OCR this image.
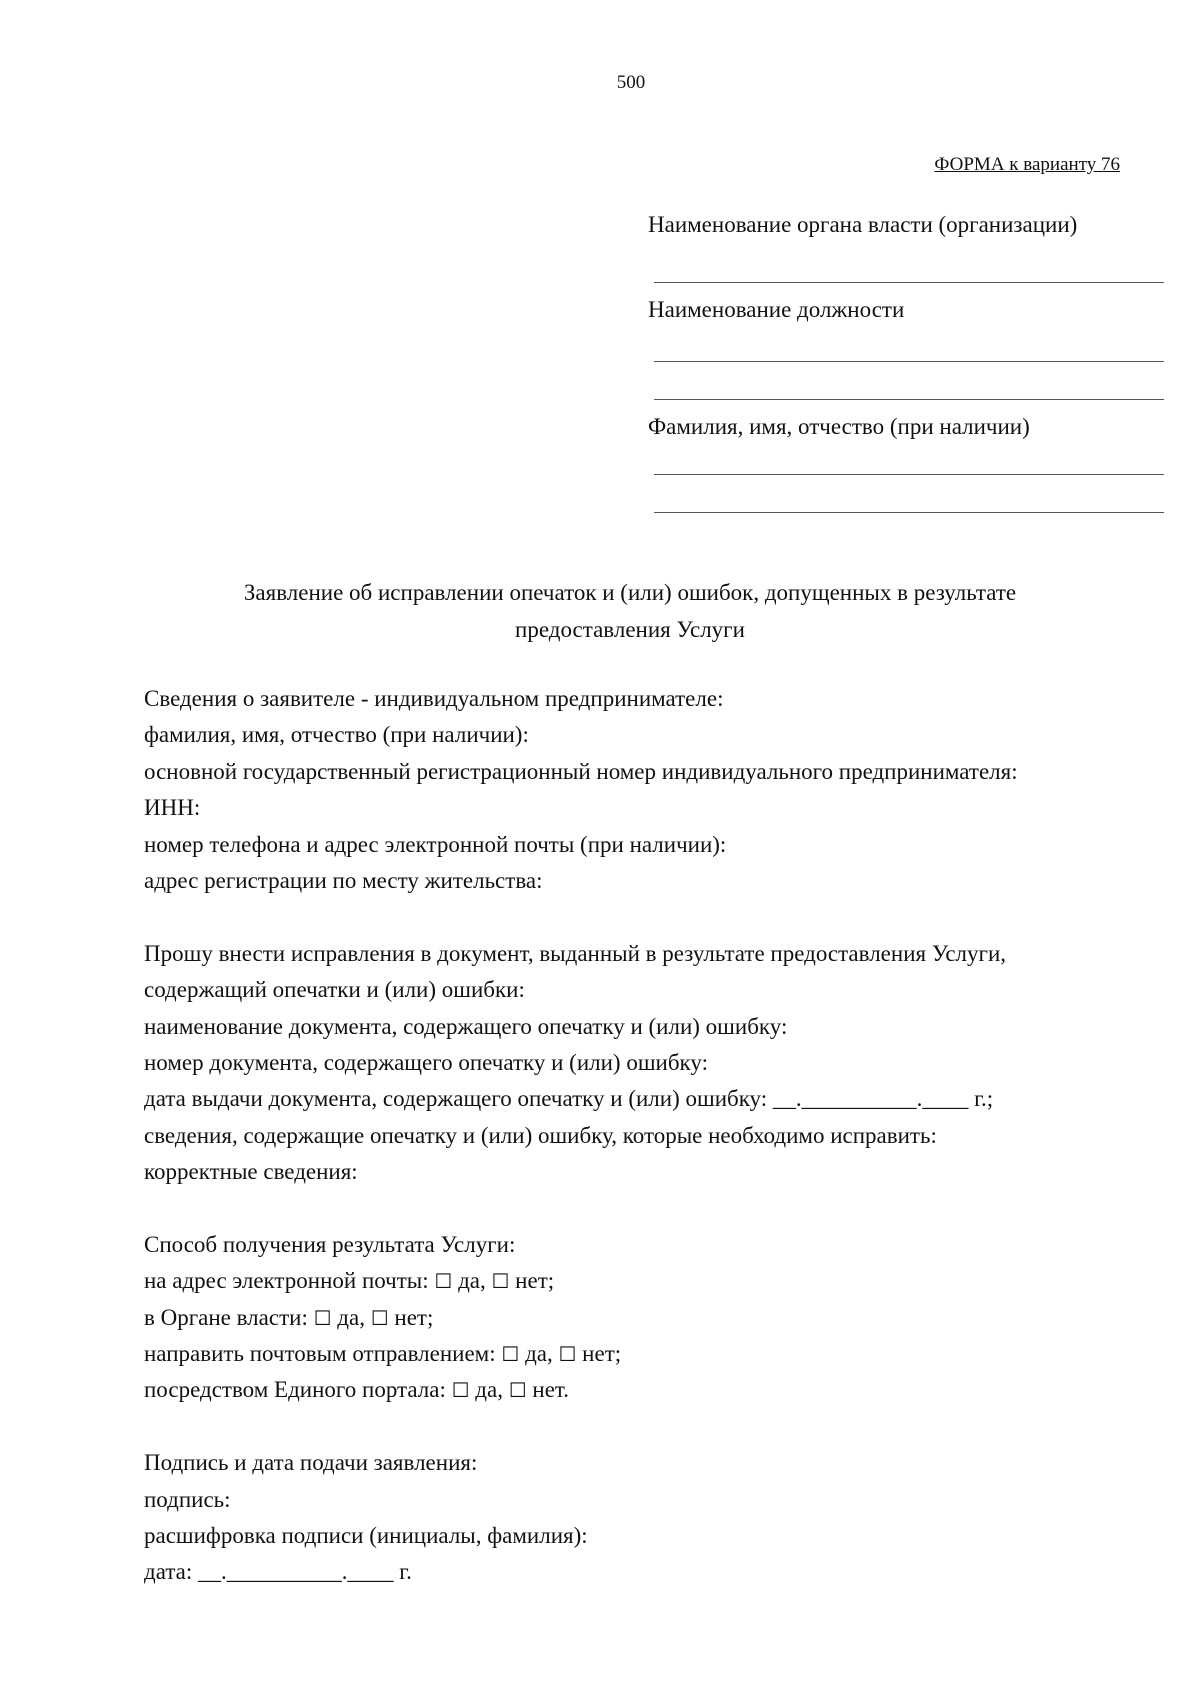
500
ФОРМА к варианту 76
Наименование органа власти (организации)
Наименование должности
Фамилия, имя, отчество (при наличии)
Заявление об исправлении опечаток и (или) ошибок, допущенных в результате
предоставления Услуги
Сведения о заявителе - индивидуальном предпринимателе:
фамилия, имя, отчество (при наличии):
основной государственный регистрационный номер индивидуального предпринимателя:
ИНН:
номер телефона и адрес электронной почты (при наличии):
адрес регистрации по месту жительства:
Прошу внести исправления в документ, выданный в результате предоставления Услуги,
содержащий опечатки и (или) ошибки:
наименование документа, содержащего опечатку и (или) ошибку:
номер документа, содержащего опечатку и (или) ошибку:
дата выдачи документа, содержащего опечатку и (или) ошибку: __.__________.____ г.;
сведения, содержащие опечатку и (или) ошибку, которые необходимо исправить:
корректные сведения:
Способ получения результата Услуги:
на адрес электронной почты: ☐ да, ☐ нет;
в Органе власти: ☐ да, ☐ нет;
направить почтовым отправлением: ☐ да, ☐ нет;
посредством Единого портала: ☐ да, ☐ нет.
Подпись и дата подачи заявления:
подпись:
расшифровка подписи (инициалы, фамилия):
дата: __.__________.____ г.
